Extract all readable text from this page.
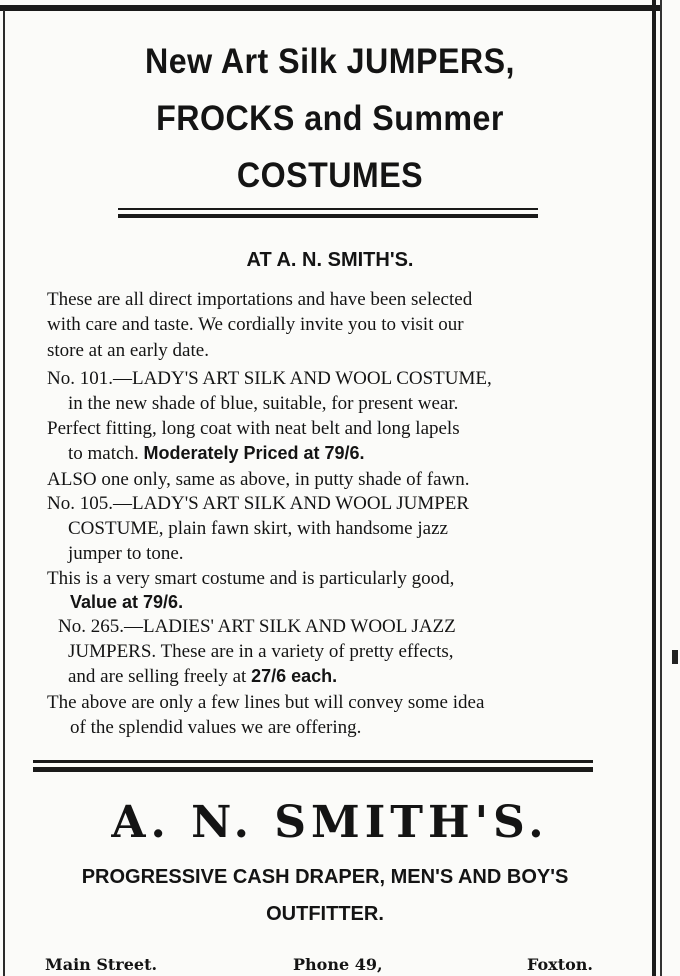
New Art Silk JUMPERS,
FROCKS and Summer
COSTUMES
AT A. N. SMITH'S.
These are all direct importations and have been selected
with care and taste. We cordially invite you to visit our
store at an early date.
No. 101.—LADY'S ART SILK AND WOOL COSTUME,
in the new shade of blue, suitable, for present wear.
Perfect fitting, long coat with neat belt and long lapels
to match. Moderately Priced at 79/6.
ALSO one only, same as above, in putty shade of fawn.
No. 105.—LADY'S ART SILK AND WOOL JUMPER
COSTUME, plain fawn skirt, with handsome jazz
jumper to tone.
This is a very smart costume and is particularly good,
Value at 79/6.
No. 265.—LADIES' ART SILK AND WOOL JAZZ
JUMPERS. These are in a variety of pretty effects,
and are selling freely at 27/6 each.
The above are only a few lines but will convey some idea
of the splendid values we are offering.
A. N. SMITH'S.
PROGRESSIVE CASH DRAPER, MEN'S AND BOY'S
OUTFITTER.
Main Street.	Phone 49,	Foxton.
